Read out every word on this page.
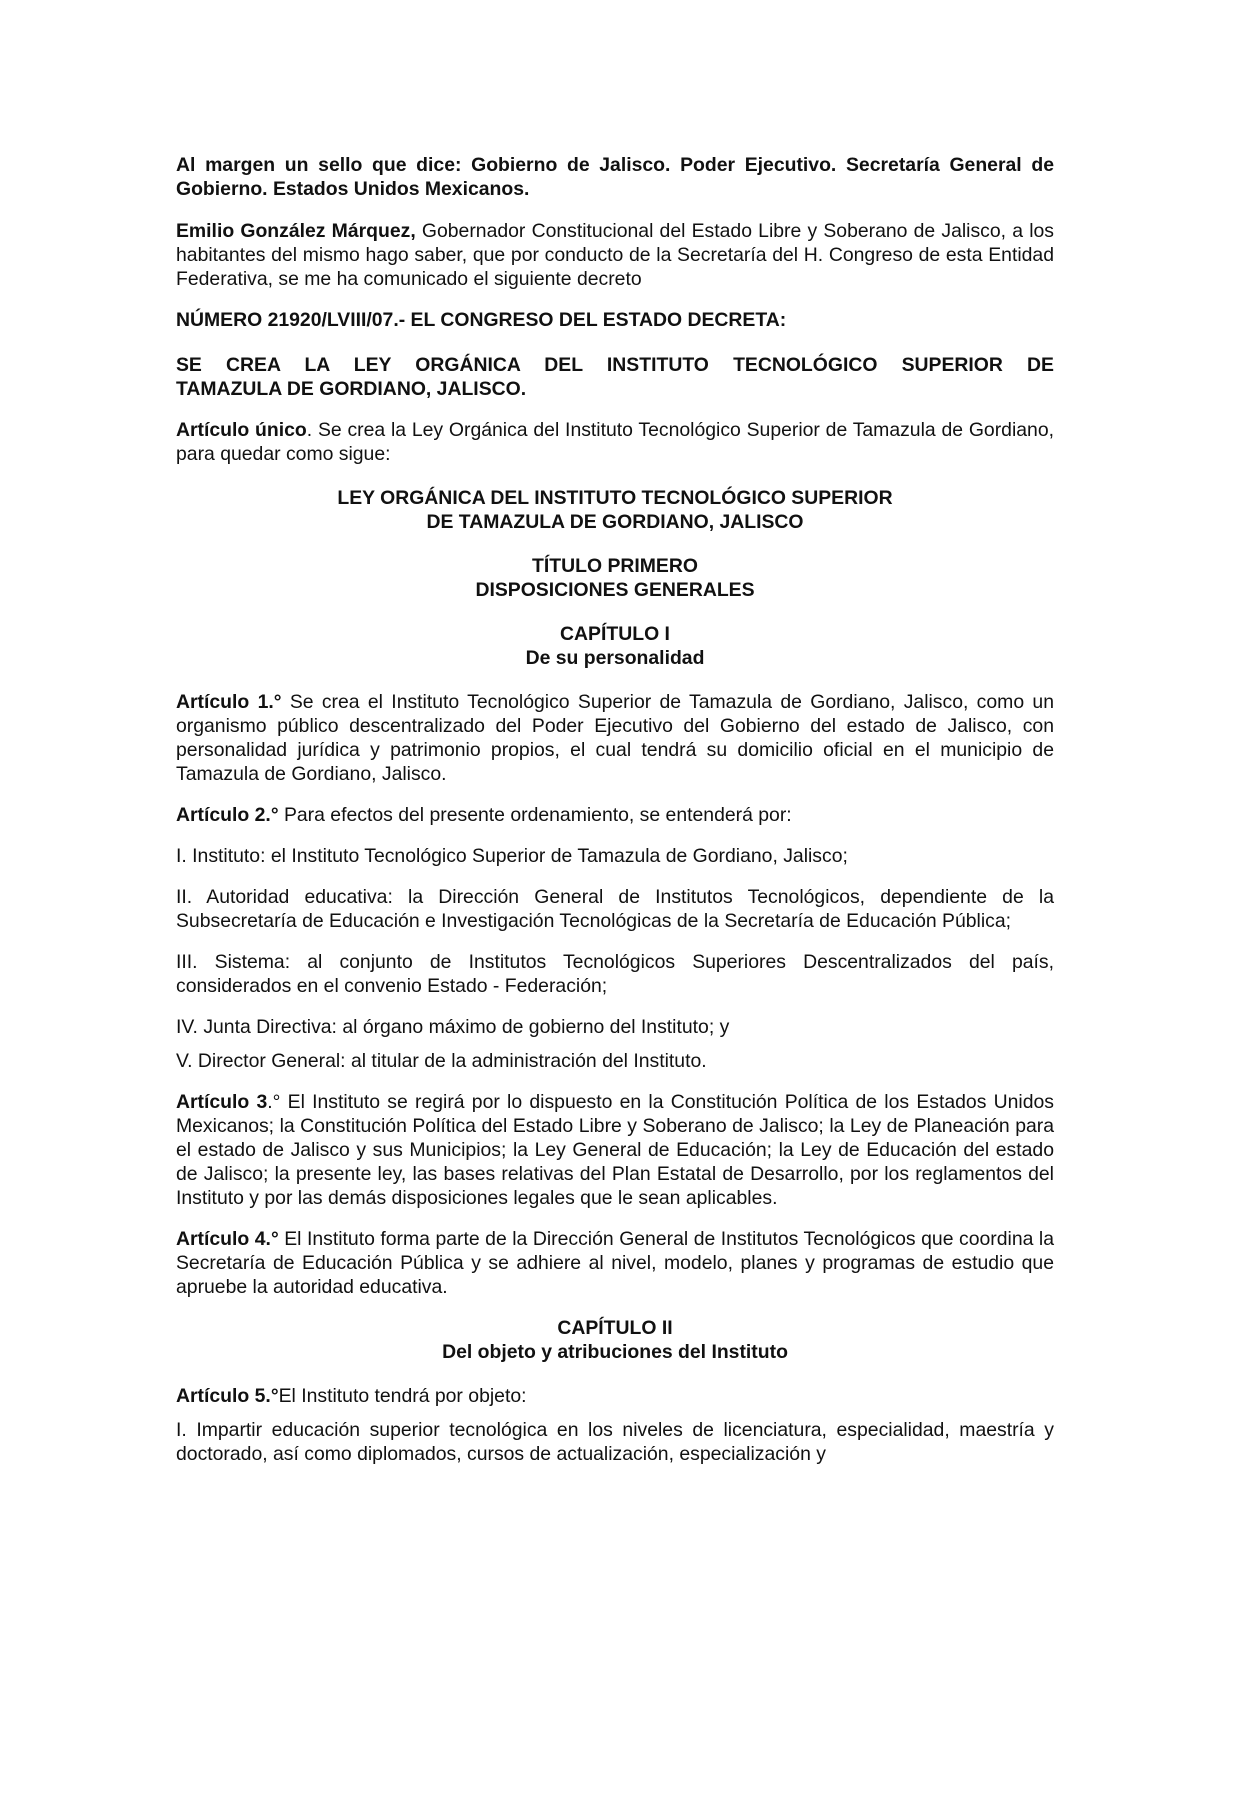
Al margen un sello que dice: Gobierno de Jalisco. Poder Ejecutivo. Secretaría General de Gobierno. Estados Unidos Mexicanos.

Emilio González Márquez, Gobernador Constitucional del Estado Libre y Soberano de Jalisco, a los habitantes del mismo hago saber, que por conducto de la Secretaría del H. Congreso de esta Entidad Federativa, se me ha comunicado el siguiente decreto

NÚMERO 21920/LVIII/07.- EL CONGRESO DEL ESTADO DECRETA:

SE CREA LA LEY ORGÁNICA DEL INSTITUTO TECNOLÓGICO SUPERIOR DE
TAMAZULA DE GORDIANO, JALISCO.

Artículo único. Se crea la Ley Orgánica del Instituto Tecnológico Superior de Tamazula de Gordiano, para quedar como sigue:

LEY ORGÁNICA DEL INSTITUTO TECNOLÓGICO SUPERIOR
DE TAMAZULA DE GORDIANO, JALISCO
TÍTULO PRIMERO
DISPOSICIONES GENERALES
CAPÍTULO I
De su personalidad

Artículo 1.° Se crea el Instituto Tecnológico Superior de Tamazula de Gordiano, Jalisco, como un organismo público descentralizado del Poder Ejecutivo del Gobierno del estado de Jalisco, con personalidad jurídica y patrimonio propios, el cual tendrá su domicilio oficial en el municipio de Tamazula de Gordiano, Jalisco.

Artículo 2.° Para efectos del presente ordenamiento, se entenderá por:

I. Instituto: el Instituto Tecnológico Superior de Tamazula de Gordiano, Jalisco;

II. Autoridad educativa: la Dirección General de Institutos Tecnológicos, dependiente de la Subsecretaría de Educación e Investigación Tecnológicas de la Secretaría de Educación Pública;

III. Sistema: al conjunto de Institutos Tecnológicos Superiores Descentralizados del país, considerados en el convenio Estado - Federación;

IV. Junta Directiva: al órgano máximo de gobierno del Instituto; y

V. Director General: al titular de la administración del Instituto.

Artículo 3.° El Instituto se regirá por lo dispuesto en la Constitución Política de los Estados Unidos Mexicanos; la Constitución Política del Estado Libre y Soberano de Jalisco; la Ley de Planeación para el estado de Jalisco y sus Municipios; la Ley General de Educación; la Ley de Educación del estado de Jalisco; la presente ley, las bases relativas del Plan Estatal de Desarrollo, por los reglamentos del Instituto y por las demás disposiciones legales que le sean aplicables.

Artículo 4.° El Instituto forma parte de la Dirección General de Institutos Tecnológicos que coordina la Secretaría de Educación Pública y se adhiere al nivel, modelo, planes y programas de estudio que apruebe la autoridad educativa.

CAPÍTULO II
Del objeto y atribuciones del Instituto

Artículo 5.°El Instituto tendrá por objeto:

I. Impartir educación superior tecnológica en los niveles de licenciatura, especialidad, maestría y doctorado, así como diplomados, cursos de actualización, especialización y
